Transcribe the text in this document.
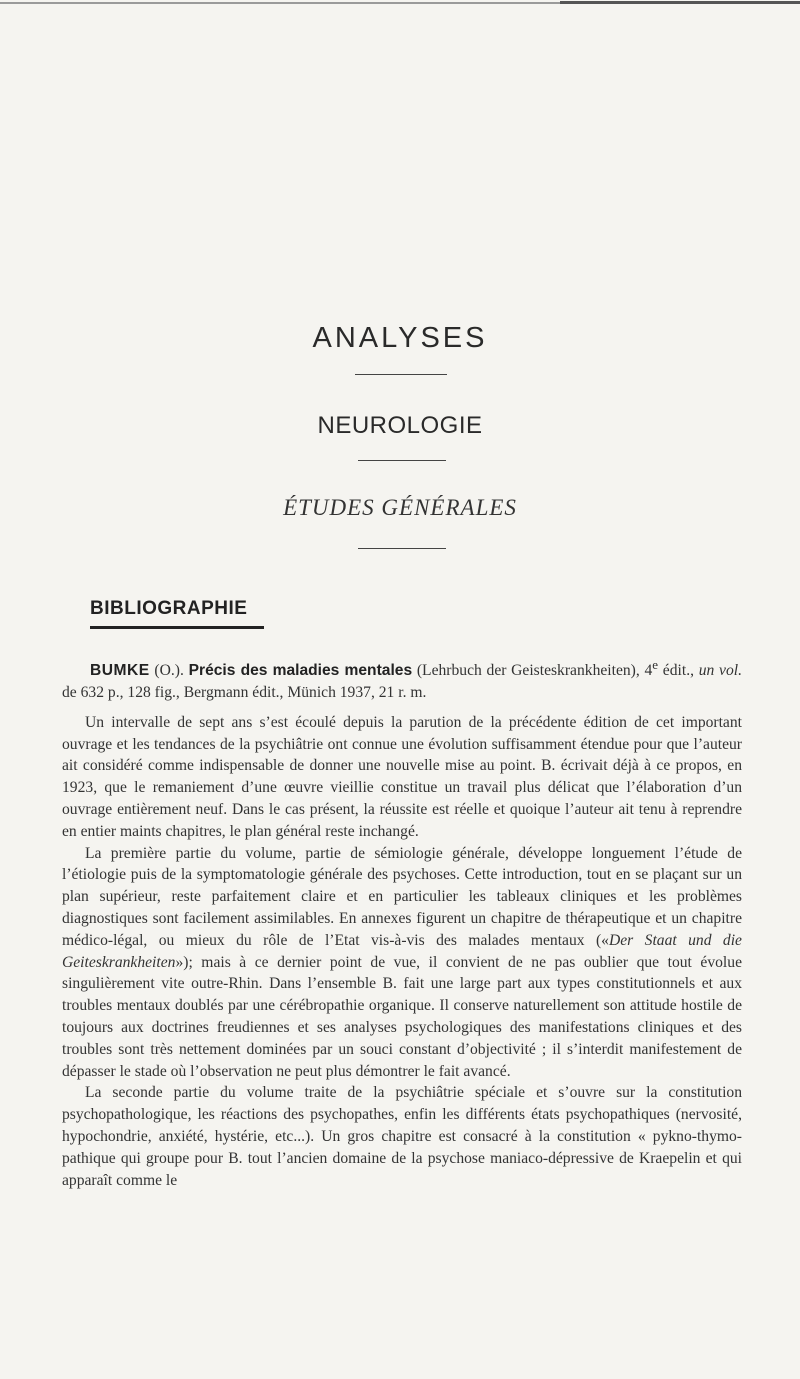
ANALYSES
NEUROLOGIE
ÉTUDES GÉNÉRALES
BIBLIOGRAPHIE

BUMKE (O.). Précis des maladies mentales (Lehrbuch der Geisteskrankheiten), 4e édit., un vol. de 632 p., 128 fig., Bergmann édit., Münich 1937, 21 r. m.

Un intervalle de sept ans s’est écoulé depuis la parution de la précédente édition de cet important ouvrage et les tendances de la psychiâtrie ont connue une évolution suffisamment étendue pour que l’auteur ait considéré comme indispensable de donner une nouvelle mise au point. B. écrivait déjà à ce propos, en 1923, que le remaniement d’une œuvre vieillie constitue un travail plus délicat que l’élaboration d’un ouvrage entièrement neuf. Dans le cas présent, la réussite est réelle et quoique l’auteur ait tenu à reprendre en entier maints chapitres, le plan général reste inchangé.

La première partie du volume, partie de sémiologie générale, développe longuement l’étude de l’étiologie puis de la symptomatologie générale des psychoses. Cette introduction, tout en se plaçant sur un plan supérieur, reste parfaitement claire et en particulier les tableaux cliniques et les problèmes diagnostiques sont facilement assimilables. En annexes figurent un chapitre de thérapeutique et un chapitre médico-légal, ou mieux du rôle de l’Etat vis-à-vis des malades mentaux («Der Staat und die Geiteskrankheiten»); mais à ce dernier point de vue, il convient de ne pas oublier que tout évolue singulièrement vite outre-Rhin. Dans l’ensemble B. fait une large part aux types constitutionnels et aux troubles mentaux doublés par une cérébropathie organique. Il conserve naturellement son attitude hostile de toujours aux doctrines freudiennes et ses analyses psychologiques des manifestations cliniques et des troubles sont très nettement dominées par un souci constant d’objectivité ; il s’interdit manifestement de dépasser le stade où l’observation ne peut plus démontrer le fait avancé.

La seconde partie du volume traite de la psychiâtrie spéciale et s’ouvre sur la constitution psychopathologique, les réactions des psychopathes, enfin les différents états psychopathiques (nervosité, hypochondrie, anxiété, hystérie, etc...). Un gros chapitre est consacré à la constitution « pykno-thymo-pathique qui groupe pour B. tout l’ancien domaine de la psychose maniaco-dépressive de Kraepelin et qui apparaît comme le
